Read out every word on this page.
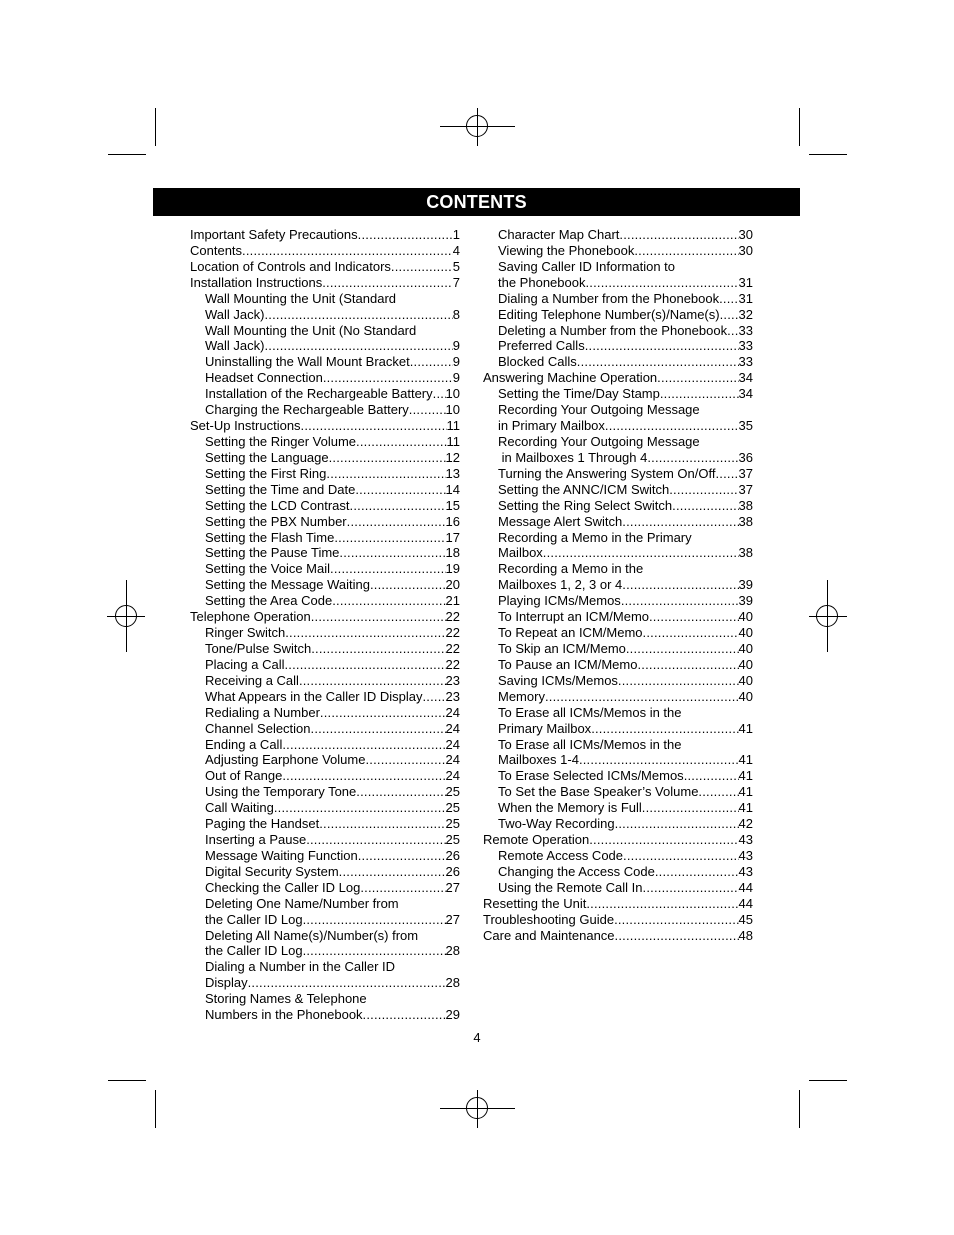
CONTENTS
Important Safety Precautions .....	1
Contents .....	4
Location of Controls and Indicators .....	5
Installation Instructions .....	7
Wall Mounting the Unit (Standard
Wall Jack) .....	8
Wall Mounting the Unit (No Standard
Wall Jack) .....	9
Uninstalling the Wall Mount Bracket .....	9
Headset Connection .....	9
Installation of the Rechargeable Battery ..... 10
Charging the Rechargeable Battery .....	10
Set-Up Instructions .....	11
Setting the Ringer Volume .....	11
Setting the Language .....	12
Setting the First Ring .....	13
Setting the Time and Date .....	14
Setting the LCD Contrast .....	15
Setting the PBX Number .....	16
Setting the Flash Time .....	17
Setting the Pause Time .....	18
Setting the Voice Mail .....	19
Setting the Message Waiting .....	20
Setting the Area Code .....	21
Telephone Operation .....	22
Ringer Switch .....	22
Tone/Pulse Switch .....	22
Placing a Call .....	22
Receiving a Call .....	23
What Appears in the Caller ID Display ..... 23
Redialing a Number .....	24
Channel Selection .....	24
Ending a Call .....	24
Adjusting Earphone Volume .....	24
Out of Range .....	24
Using the Temporary Tone .....	25
Call Waiting .....	25
Paging the Handset .....	25
Inserting a Pause .....	25
Message Waiting Function .....	26
Digital Security System .....	26
Checking the Caller ID Log .....	27
Deleting One Name/Number from
the Caller ID Log .....	27
Deleting All Name(s)/Number(s) from
the Caller ID Log .....	28
Dialing a Number in the Caller ID
Display .....	28
Storing Names & Telephone
Numbers in the Phonebook .....	29
Character Map Chart .....	30
Viewing the Phonebook .....	30
Saving Caller ID Information to
the Phonebook .....	31
Dialing a Number from the Phonebook ..... 31
Editing Telephone Number(s)/Name(s) ..... 32
Deleting a Number from the Phonebook ..... 33
Preferred Calls .....	33
Blocked Calls .....	33
Answering Machine Operation .....	34
Setting the Time/Day Stamp .....	34
Recording Your Outgoing Message
in Primary Mailbox .....	35
Recording Your Outgoing Message
in Mailboxes 1 Through 4 .....	36
Turning the Answering System On/Off ..... 37
Setting the ANNC/ICM Switch .....	37
Setting the Ring Select Switch .....	38
Message Alert Switch .....	38
Recording a Memo in the Primary
Mailbox .....	38
Recording a Memo in the
Mailboxes 1, 2, 3 or 4 .....	39
Playing ICMs/Memos .....	39
To Interrupt an ICM/Memo .....	40
To Repeat an ICM/Memo .....	40
To Skip an ICM/Memo .....	40
To Pause an ICM/Memo .....	40
Saving ICMs/Memos .....	40
Memory .....	40
To Erase all ICMs/Memos in the
Primary Mailbox .....	41
To Erase all ICMs/Memos in the
Mailboxes 1-4 .....	41
To Erase Selected ICMs/Memos .....	41
To Set the Base Speaker’s Volume .....	41
When the Memory is Full .....	41
Two-Way Recording .....	42
Remote Operation .....	43
Remote Access Code .....	43
Changing the Access Code .....	43
Using the Remote Call In .....	44
Resetting the Unit .....	44
Troubleshooting Guide .....	45
Care and Maintenance .....	48
4
